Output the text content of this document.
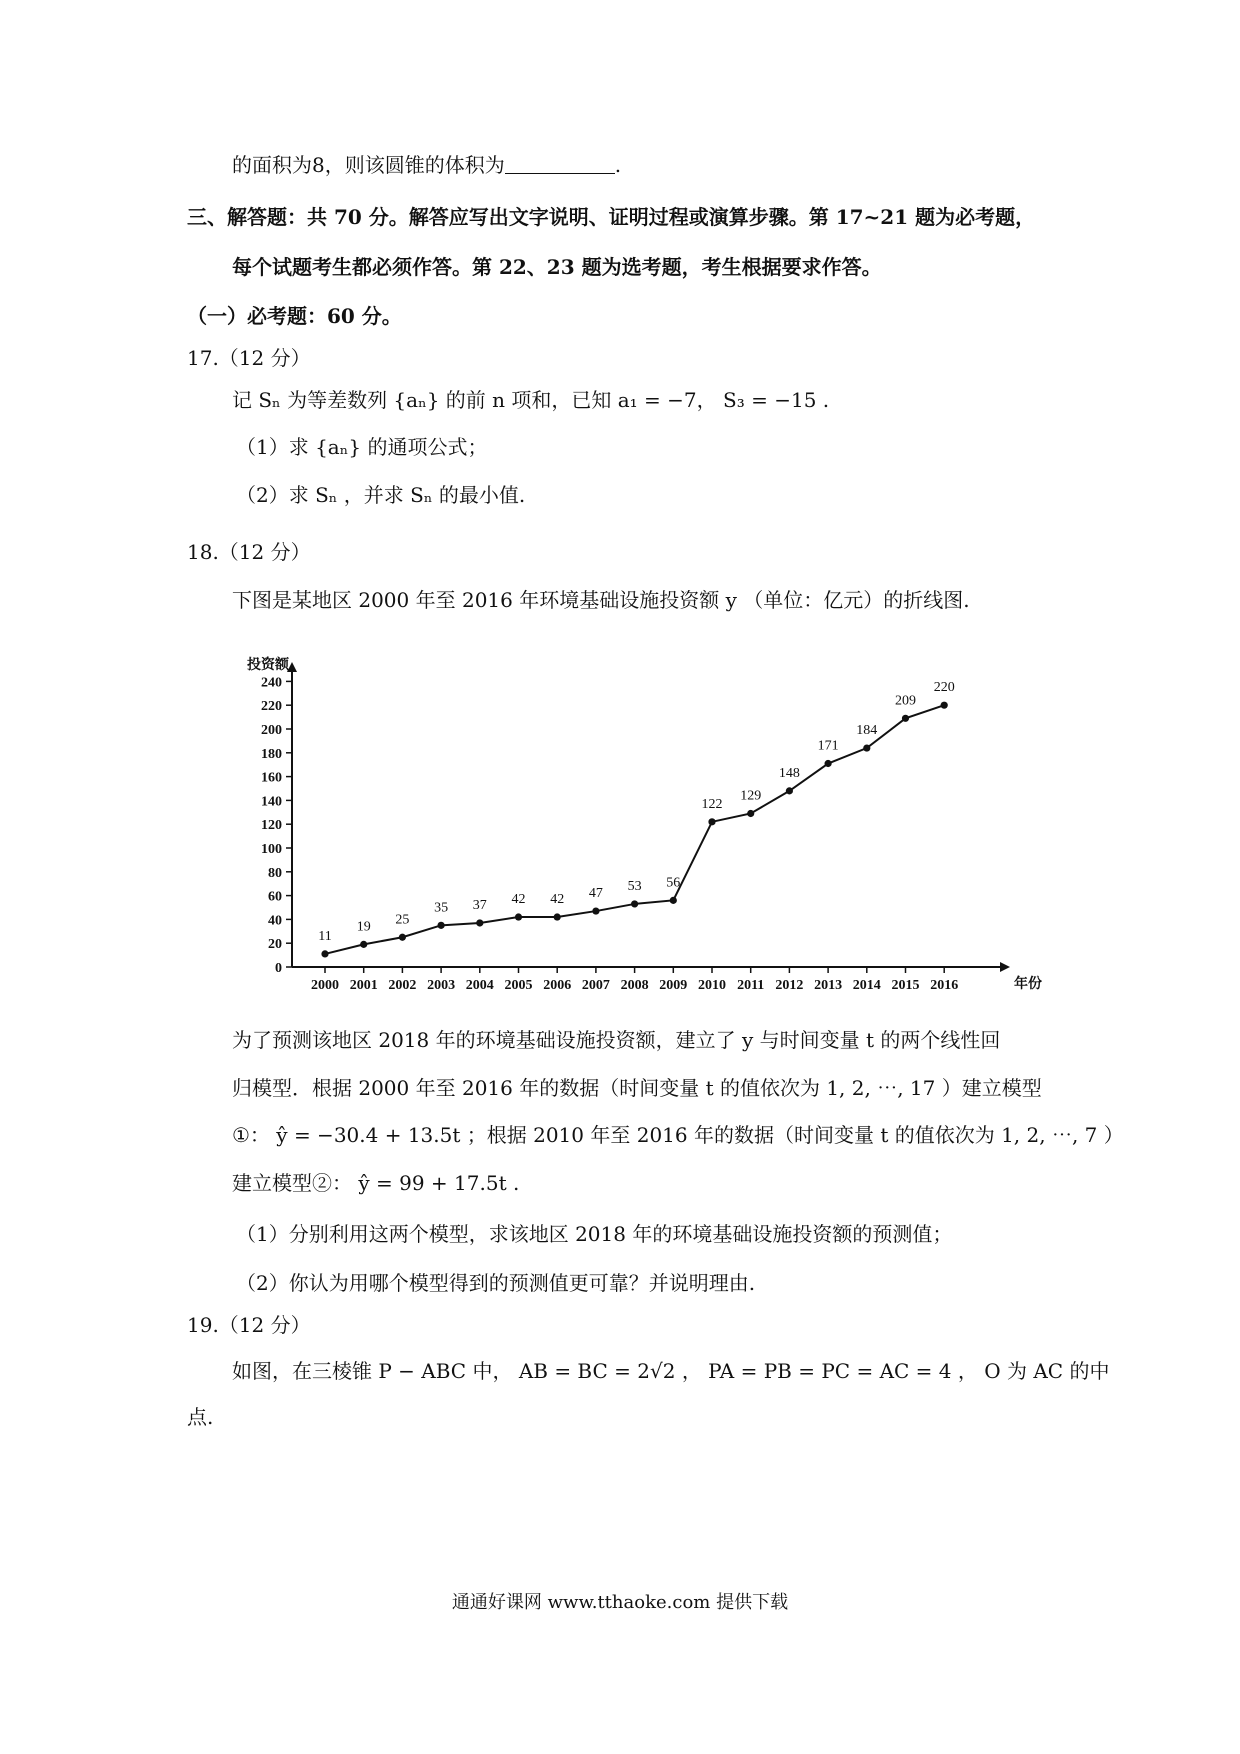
的面积为8，则该圆锥的体积为	.
三、解答题：共 70 分。解答应写出文字说明、证明过程或演算步骤。第 17~21 题为必考题，
每个试题考生都必须作答。第 22、23 题为选考题，考生根据要求作答。
（一）必考题：60 分。
17.（12 分）
记 Sₙ 为等差数列 {aₙ} 的前 n 项和，已知 a₁ = −7， S₃ = −15 .
（1）求 {aₙ} 的通项公式；
（2）求 Sₙ ，并求 Sₙ 的最小值.
18.（12 分）
下图是某地区 2000 年至 2016 年环境基础设施投资额 y （单位：亿元）的折线图.
投资额
年份
0
20
40
60
80
100
120
140
160
180
200
220
240
2000 2001 2002 2003 2004 2005 2006 2007 2008 2009 2010 2011 2012 2013 2014 2015 2016
11
19 25
35 37 42 42 47 53 56
122
129
148
171
184
209
220
为了预测该地区 2018 年的环境基础设施投资额，建立了 y 与时间变量 t 的两个线性回
归模型．根据 2000 年至 2016 年的数据（时间变量 t 的值依次为 1, 2, ⋯, 17 ）建立模型
①： ŷ = −30.4 + 13.5t ；根据 2010 年至 2016 年的数据（时间变量 t 的值依次为 1, 2, ⋯, 7 ）
建立模型②： ŷ = 99 + 17.5t .
（1）分别利用这两个模型，求该地区 2018 年的环境基础设施投资额的预测值；
（2）你认为用哪个模型得到的预测值更可靠？并说明理由.
19.（12 分）
如图，在三棱锥 P − ABC 中， AB = BC = 2√2 ， PA = PB = PC = AC = 4 ， O 为 AC 的中
点.
通通好课网 www.tthaoke.com 提供下载
